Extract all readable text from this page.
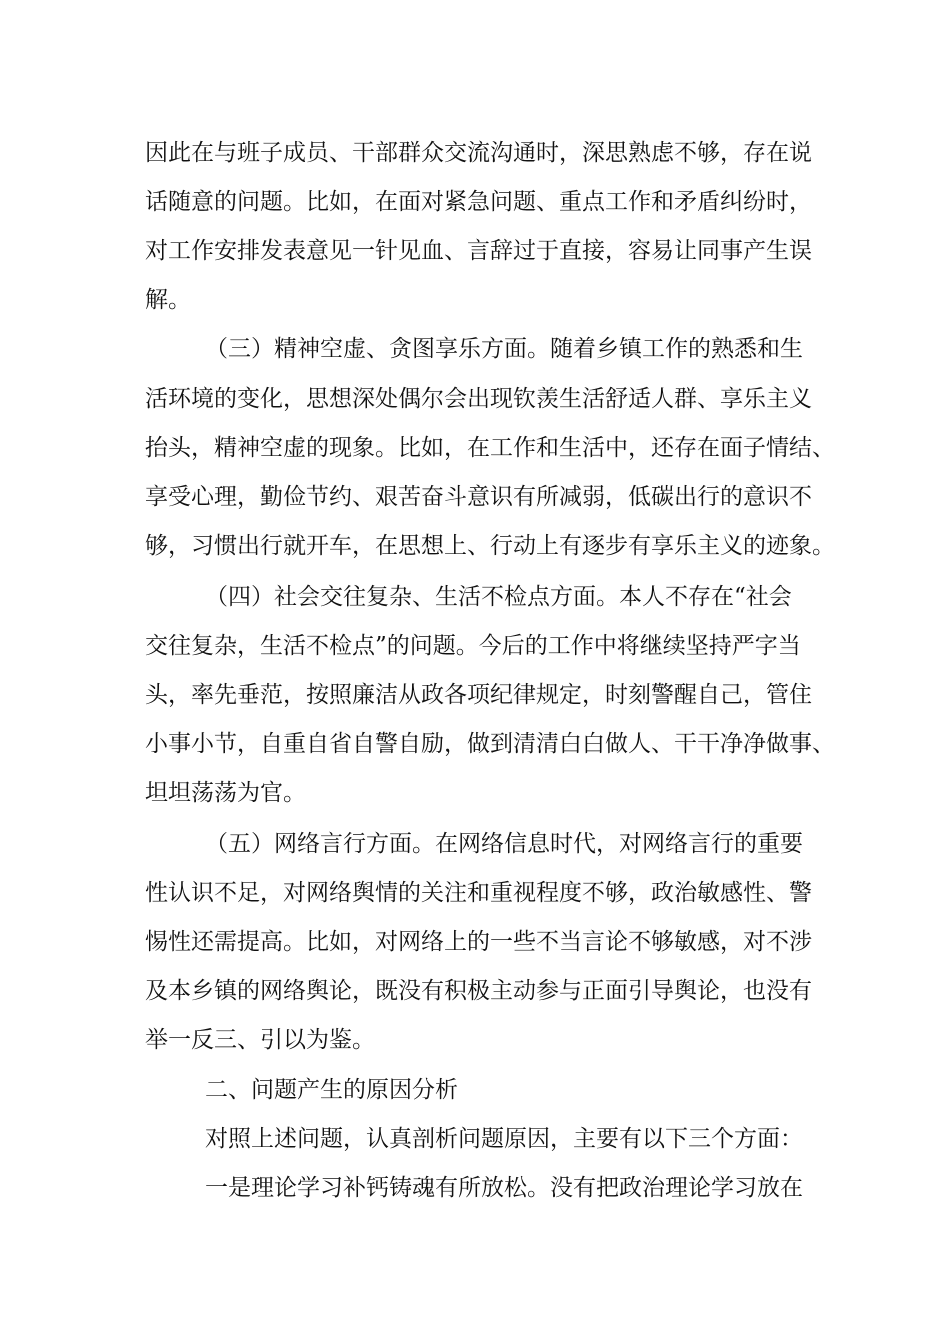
因此在与班子成员、干部群众交流沟通时，深思熟虑不够，存在说
话随意的问题。比如，在面对紧急问题、重点工作和矛盾纠纷时，
对工作安排发表意见一针见血、言辞过于直接，容易让同事产生误
解。
（三）精神空虚、贪图享乐方面。随着乡镇工作的熟悉和生
活环境的变化，思想深处偶尔会出现钦羡生活舒适人群、享乐主义
抬头，精神空虚的现象。比如，在工作和生活中，还存在面子情结、
享受心理，勤俭节约、艰苦奋斗意识有所减弱，低碳出行的意识不
够，习惯出行就开车，在思想上、行动上有逐步有享乐主义的迹象。
（四）社会交往复杂、生活不检点方面。本人不存在“社会
交往复杂，生活不检点”的问题。今后的工作中将继续坚持严字当
头，率先垂范，按照廉洁从政各项纪律规定，时刻警醒自己，管住
小事小节，自重自省自警自励，做到清清白白做人、干干净净做事、
坦坦荡荡为官。
（五）网络言行方面。在网络信息时代，对网络言行的重要
性认识不足，对网络舆情的关注和重视程度不够，政治敏感性、警
惕性还需提高。比如，对网络上的一些不当言论不够敏感，对不涉
及本乡镇的网络舆论，既没有积极主动参与正面引导舆论，也没有
举一反三、引以为鉴。
二、问题产生的原因分析
对照上述问题，认真剖析问题原因，主要有以下三个方面：
一是理论学习补钙铸魂有所放松。没有把政治理论学习放在
